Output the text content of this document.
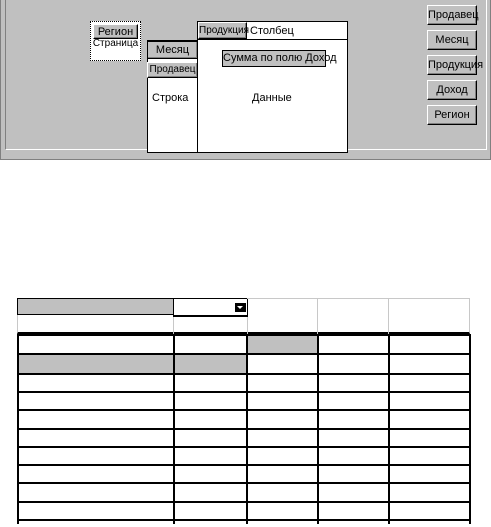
Регион
Страница
Месяц
Продавец
Строка
Продукция Столбец
Сумма по полю Доход
Данные
Продавец
Месяц
Продукция
Доход
Регион
